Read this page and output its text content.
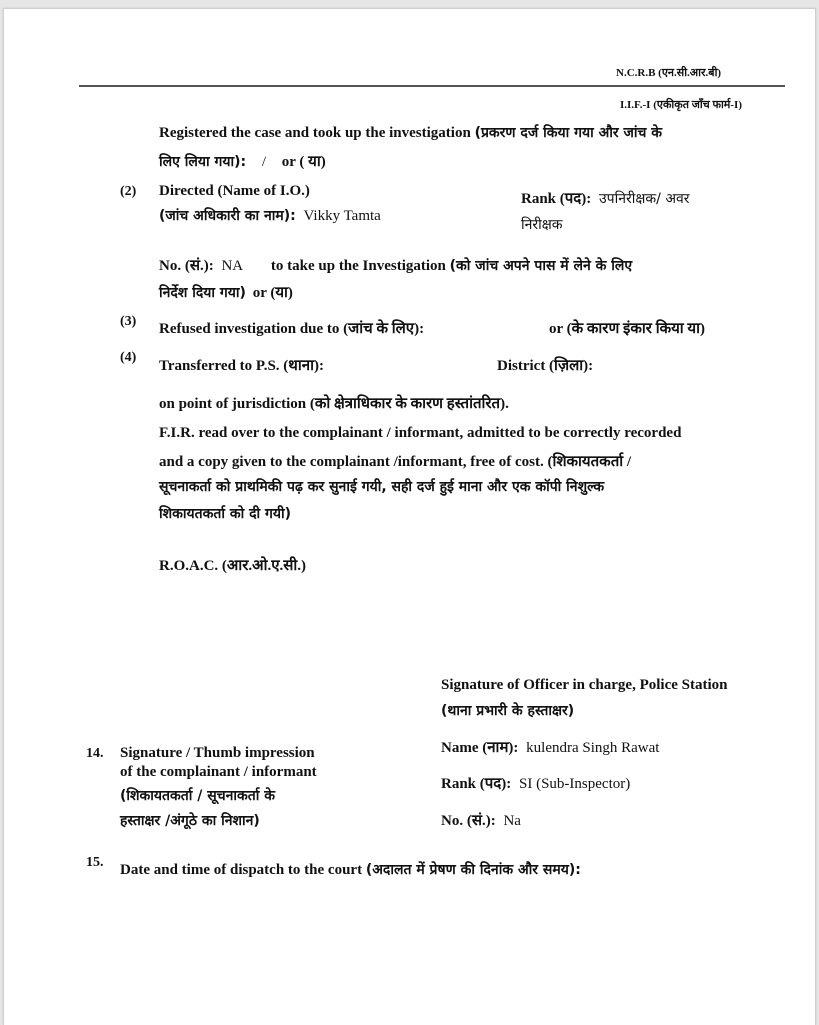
N.C.R.B (एन.सी.आर.बी)
I.I.F.-I (एकीकृत जाँच फार्म-I)
Registered the case and took up the investigation (प्रकरण दर्ज किया गया और जांच के
लिए लिया गया): / or ( या)
(2) Directed (Name of I.O.)
(जांच अधिकारी का नाम): Vikky Tamta
Rank (पद): उपनिरीक्षक/ अवर
निरीक्षक
No. (सं.): NA to take up the Investigation (को जांच अपने पास में लेने के लिए
निर्देश दिया गया) or (या)
(3) Refused investigation due to (जांच के लिए):	or (के कारण इंकार किया या)
(4)
Transferred to P.S. (थाना):	District (ज़िला):
on point of jurisdiction (को क्षेत्राधिकार के कारण हस्तांतरित).
F.I.R. read over to the complainant / informant, admitted to be correctly recorded
and a copy given to the complainant /informant, free of cost. (शिकायतकर्ता /
सूचनाकर्ता को प्राथमिकी पढ़ कर सुनाई गयी, सही दर्ज हुई माना और एक कॉपी निशुल्क
शिकायतकर्ता को दी गयी)
R.O.A.C. (आर.ओ.ए.सी.)
Signature of Officer in charge, Police Station
(थाना प्रभारी के हस्ताक्षर)
Name (नाम): kulendra Singh Rawat
Rank (पद): SI (Sub-Inspector)
No. (सं.): Na
14. Signature / Thumb impression
of the complainant / informant
(शिकायतकर्ता / सूचनाकर्ता के
हस्ताक्षर /अंगूठे का निशान)
15. Date and time of dispatch to the court (अदालत में प्रेषण की दिनांक और समय):
